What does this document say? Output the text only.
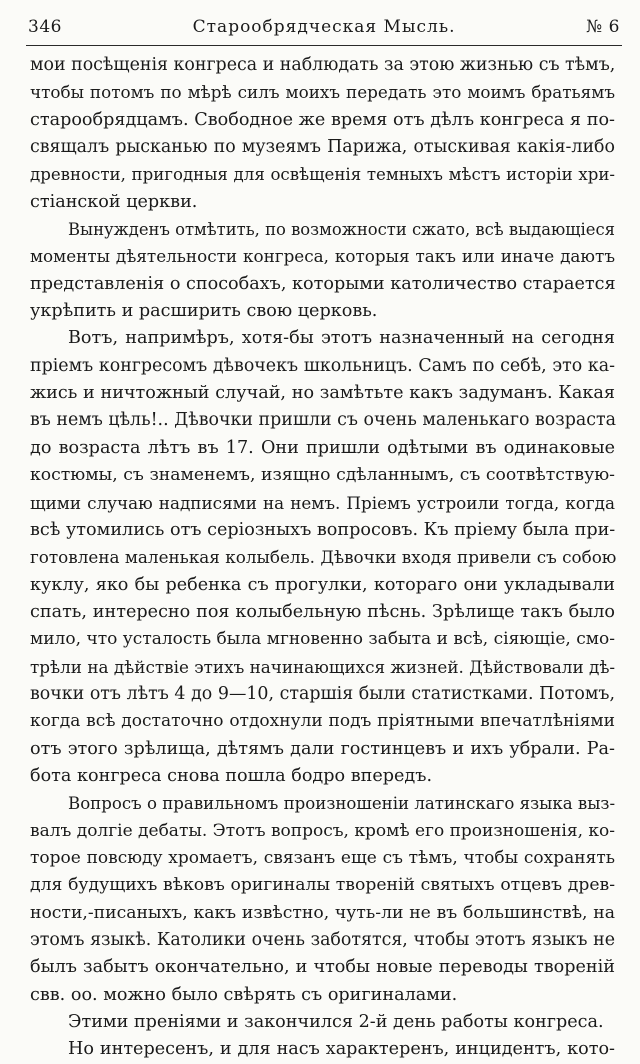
346	Старообрядческая Мысль.	№ 6
мои посѣщенія конгреса и наблюдать за этою жизнью съ тѣмъ,
чтобы потомъ по мѣрѣ силъ моихъ передать это моимъ братьямъ
старообрядцамъ. Свободное же время отъ дѣлъ конгреса я по-
свящалъ рысканью по музеямъ Парижа, отыскивая какія-либо
древности, пригодныя для освѣщенія темныхъ мѣстъ исторіи хри-
стіанской церкви.
Вынужденъ отмѣтить, по возможности сжато, всѣ выдающіеся
моменты дѣятельности конгреса, которыя такъ или иначе даютъ
представленія о способахъ, которыми католичество старается
укрѣпить и расширить свою церковь.
Вотъ, напримѣръ, хотя-бы этотъ назначенный на сегодня
пріемъ конгресомъ дѣвочекъ школьницъ. Самъ по себѣ, это ка-
жись и ничтожный случай, но замѣтьте какъ задуманъ. Какая
въ немъ цѣль!.. Дѣвочки пришли съ очень маленькаго возраста
до возраста лѣтъ въ 17. Они пришли одѣтыми въ одинаковые
костюмы, съ знаменемъ, изящно сдѣланнымъ, съ соотвѣтствую-
щими случаю надписями на немъ. Пріемъ устроили тогда, когда
всѣ утомились отъ серіозныхъ вопросовъ. Къ пріему была при-
готовлена маленькая колыбель. Дѣвочки входя привели съ собою
куклу, яко бы ребенка съ прогулки, котораго они укладывали
спать, интересно поя колыбельную пѣснь. Зрѣлище такъ было
мило, что усталость была мгновенно забыта и всѣ, сіяющіе, смо-
трѣли на дѣйствіе этихъ начинающихся жизней. Дѣйствовали дѣ-
вочки отъ лѣтъ 4 до 9—10, старшія были статистками. Потомъ,
когда всѣ достаточно отдохнули подъ пріятными впечатлѣніями
отъ этого зрѣлища, дѣтямъ дали гостинцевъ и ихъ убрали. Ра-
бота конгреса снова пошла бодро впередъ.
Вопросъ о правильномъ произношеніи латинскаго языка выз-
валъ долгіе дебаты. Этотъ вопросъ, кромѣ его произношенія, ко-
торое повсюду хромаетъ, связанъ еще съ тѣмъ, чтобы сохранять
для будущихъ вѣковъ оригиналы твореній святыхъ отцевъ древ-
ности,-писаныхъ, какъ извѣстно, чуть-ли не въ большинствѣ, на
этомъ языкѣ. Католики очень заботятся, чтобы этотъ языкъ не
былъ забытъ окончательно, и чтобы новые переводы твореній
свв. оо. можно было свѣрять съ оригиналами.
Этими преніями и закончился 2-й день работы конгреса.
Но интересенъ, и для насъ характеренъ, инцидентъ, кото-
